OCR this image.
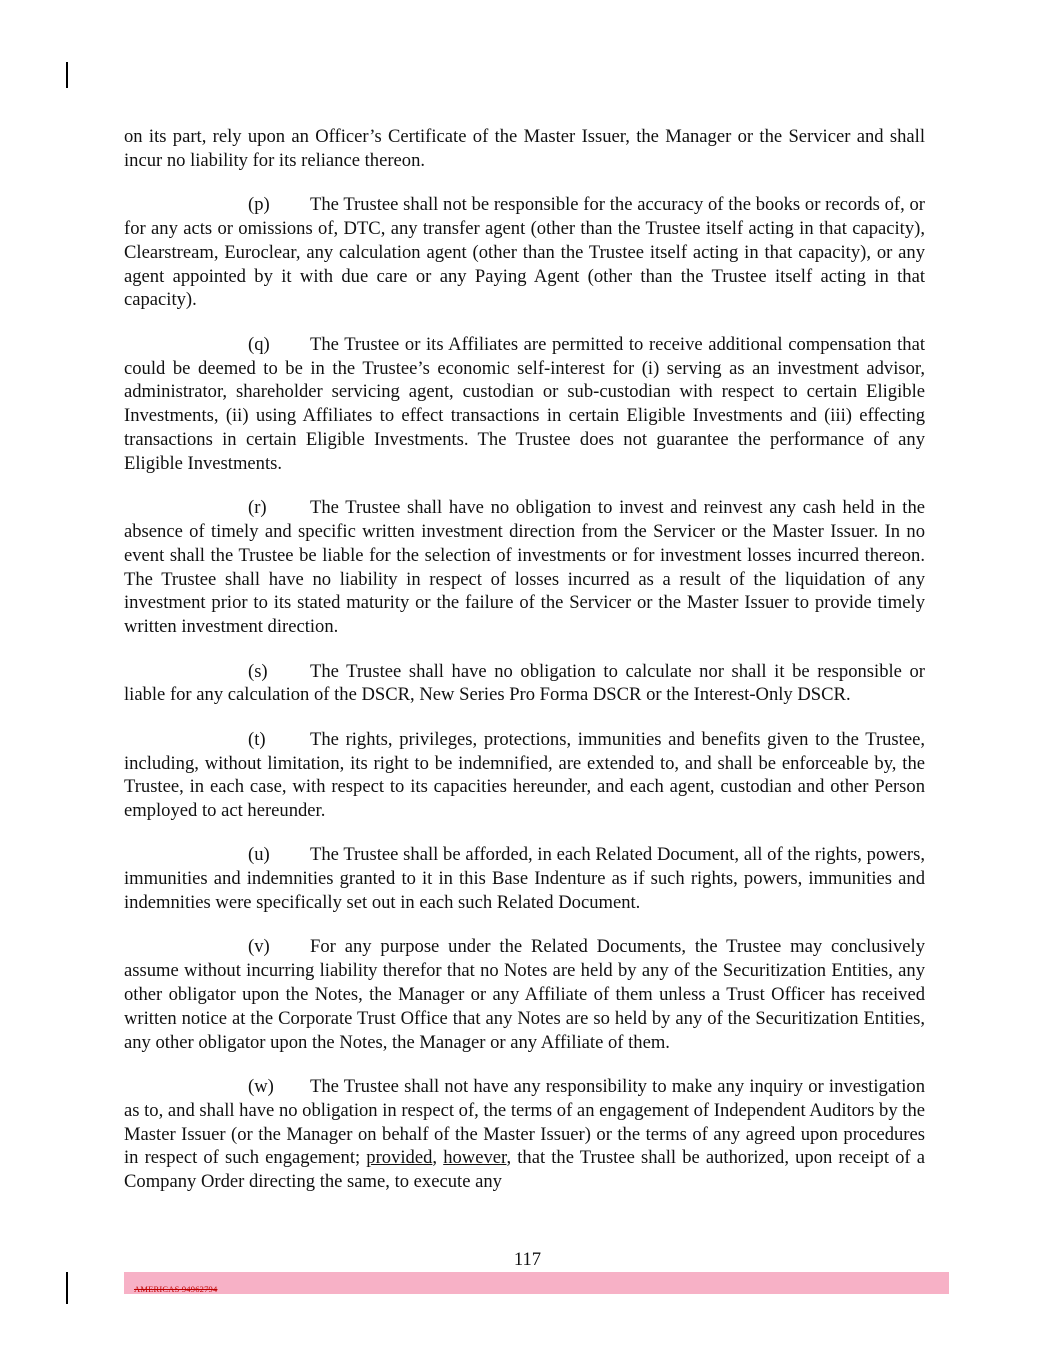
on its part, rely upon an Officer’s Certificate of the Master Issuer, the Manager or the Servicer and shall incur no liability for its reliance thereon.

(p) The Trustee shall not be responsible for the accuracy of the books or records of, or for any acts or omissions of, DTC, any transfer agent (other than the Trustee itself acting in that capacity), Clearstream, Euroclear, any calculation agent (other than the Trustee itself acting in that capacity), or any agent appointed by it with due care or any Paying Agent (other than the Trustee itself acting in that capacity).

(q) The Trustee or its Affiliates are permitted to receive additional compensation that could be deemed to be in the Trustee’s economic self-interest for (i) serving as an investment advisor, administrator, shareholder servicing agent, custodian or sub-custodian with respect to certain Eligible Investments, (ii) using Affiliates to effect transactions in certain Eligible Investments and (iii) effecting transactions in certain Eligible Investments. The Trustee does not guarantee the performance of any Eligible Investments.

(r) The Trustee shall have no obligation to invest and reinvest any cash held in the absence of timely and specific written investment direction from the Servicer or the Master Issuer. In no event shall the Trustee be liable for the selection of investments or for investment losses incurred thereon. The Trustee shall have no liability in respect of losses incurred as a result of the liquidation of any investment prior to its stated maturity or the failure of the Servicer or the Master Issuer to provide timely written investment direction.

(s) The Trustee shall have no obligation to calculate nor shall it be responsible or liable for any calculation of the DSCR, New Series Pro Forma DSCR or the Interest-Only DSCR.

(t) The rights, privileges, protections, immunities and benefits given to the Trustee, including, without limitation, its right to be indemnified, are extended to, and shall be enforceable by, the Trustee, in each case, with respect to its capacities hereunder, and each agent, custodian and other Person employed to act hereunder.

(u) The Trustee shall be afforded, in each Related Document, all of the rights, powers, immunities and indemnities granted to it in this Base Indenture as if such rights, powers, immunities and indemnities were specifically set out in each such Related Document.

(v) For any purpose under the Related Documents, the Trustee may conclusively assume without incurring liability therefor that no Notes are held by any of the Securitization Entities, any other obligator upon the Notes, the Manager or any Affiliate of them unless a Trust Officer has received written notice at the Corporate Trust Office that any Notes are so held by any of the Securitization Entities, any other obligator upon the Notes, the Manager or any Affiliate of them.

(w) The Trustee shall not have any responsibility to make any inquiry or investigation as to, and shall have no obligation in respect of, the terms of an engagement of Independent Auditors by the Master Issuer (or the Manager on behalf of the Master Issuer) or the terms of any agreed upon procedures in respect of such engagement; provided, however, that the Trustee shall be authorized, upon receipt of a Company Order directing the same, to execute any

117
AMERICAS 94962794
